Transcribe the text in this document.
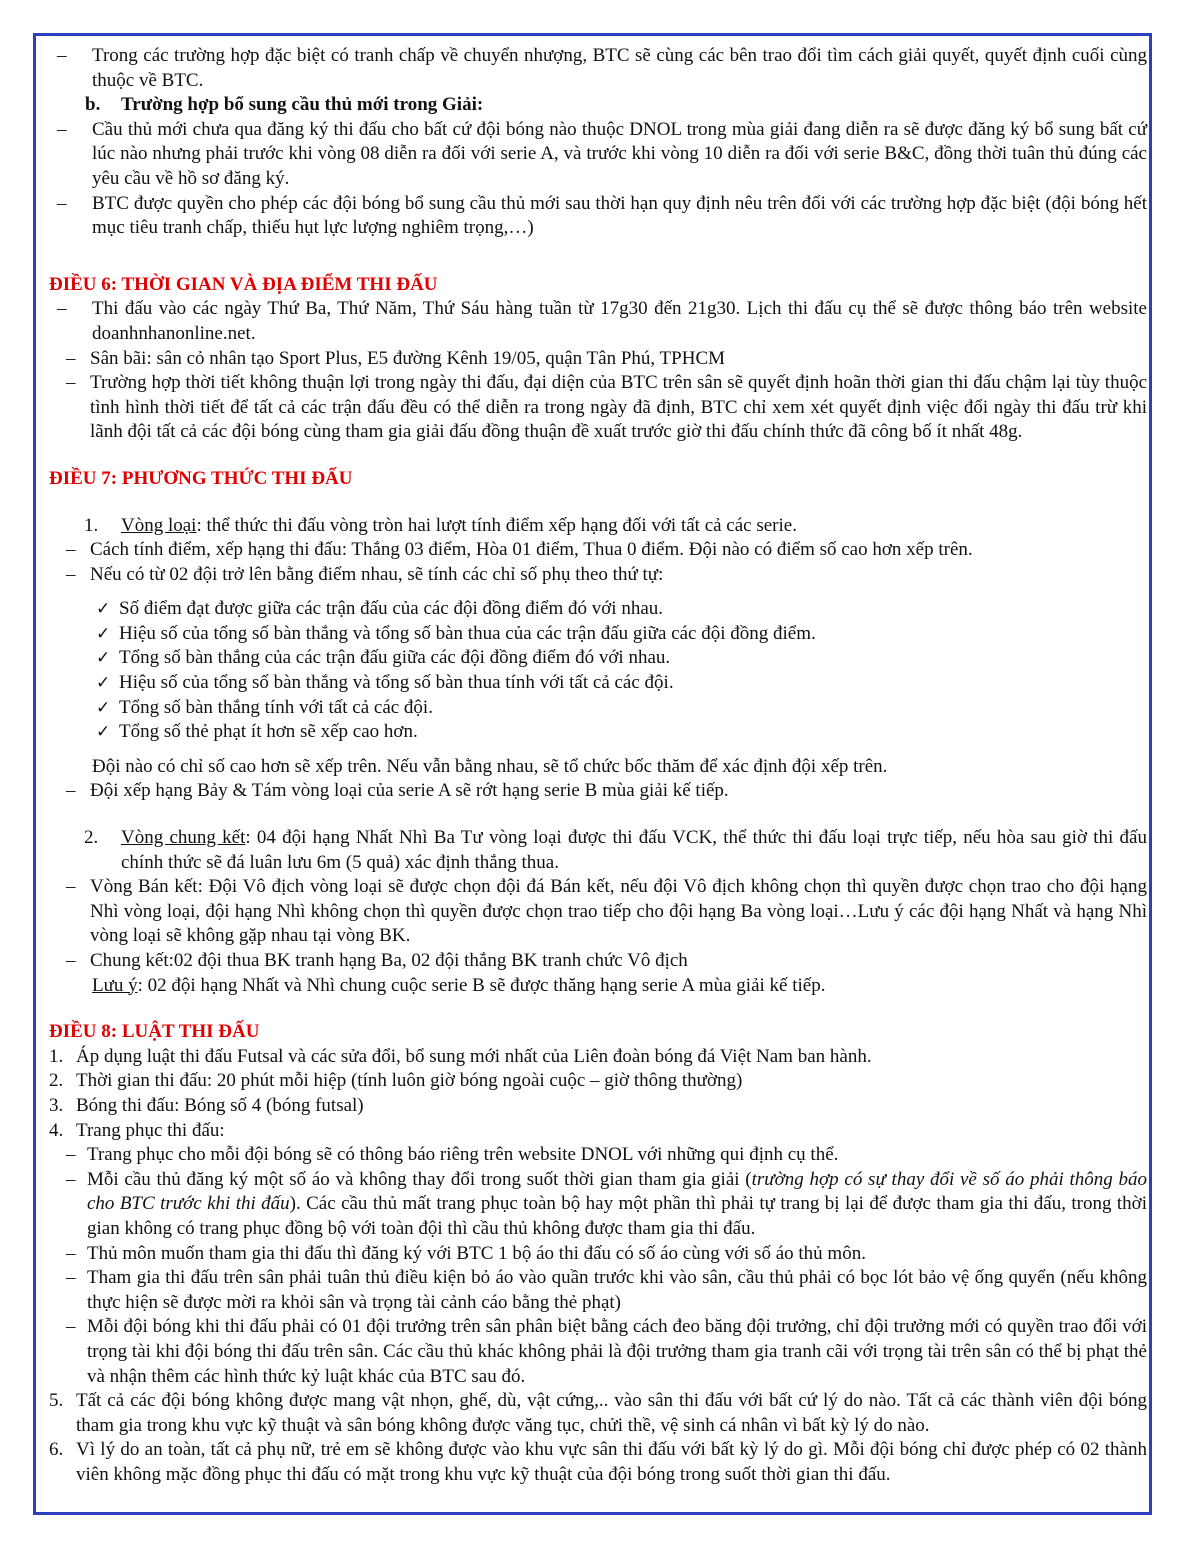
– Trong các trường hợp đặc biệt có tranh chấp về chuyển nhượng, BTC sẽ cùng các bên trao đổi tìm cách giải quyết, quyết định cuối cùng thuộc về BTC.
b. Trường hợp bổ sung cầu thủ mới trong Giải:
– Cầu thủ mới chưa qua đăng ký thi đấu cho bất cứ đội bóng nào thuộc DNOL trong mùa giải đang diễn ra sẽ được đăng ký bổ sung bất cứ lúc nào nhưng phải trước khi vòng 08 diễn ra đối với serie A, và trước khi vòng 10 diễn ra đối với serie B&C, đồng thời tuân thủ đúng các yêu cầu về hồ sơ đăng ký.
– BTC được quyền cho phép các đội bóng bổ sung cầu thủ mới sau thời hạn quy định nêu trên đối với các trường hợp đặc biệt (đội bóng hết mục tiêu tranh chấp, thiếu hụt lực lượng nghiêm trọng,…)
ĐIỀU 6: THỜI GIAN VÀ ĐỊA ĐIỂM THI ĐẤU
– Thi đấu vào các ngày Thứ Ba, Thứ Năm, Thứ Sáu hàng tuần từ 17g30 đến 21g30. Lịch thi đấu cụ thể sẽ được thông báo trên website doanhnhanonline.net.
– Sân bãi: sân cỏ nhân tạo Sport Plus, E5 đường Kênh 19/05, quận Tân Phú, TPHCM
– Trường hợp thời tiết không thuận lợi trong ngày thi đấu, đại diện của BTC trên sân sẽ quyết định hoãn thời gian thi đấu chậm lại tùy thuộc tình hình thời tiết để tất cả các trận đấu đều có thể diễn ra trong ngày đã định, BTC chỉ xem xét quyết định việc đổi ngày thi đấu trừ khi lãnh đội tất cả các đội bóng cùng tham gia giải đấu đồng thuận đề xuất trước giờ thi đấu chính thức đã công bố ít nhất 48g.
ĐIỀU 7: PHƯƠNG THỨC THI ĐẤU
1. Vòng loại: thể thức thi đấu vòng tròn hai lượt tính điểm xếp hạng đối với tất cả các serie.
– Cách tính điểm, xếp hạng thi đấu: Thắng 03 điểm, Hòa 01 điểm, Thua 0 điểm. Đội nào có điểm số cao hơn xếp trên.
– Nếu có từ 02 đội trở lên bằng điểm nhau, sẽ tính các chỉ số phụ theo thứ tự:
✓ Số điểm đạt được giữa các trận đấu của các đội đồng điểm đó với nhau.
✓ Hiệu số của tổng số bàn thắng và tổng số bàn thua của các trận đấu giữa các đội đồng điểm.
✓ Tổng số bàn thắng của các trận đấu giữa các đội đồng điểm đó với nhau.
✓ Hiệu số của tổng số bàn thắng và tổng số bàn thua tính với tất cả các đội.
✓ Tổng số bàn thắng tính với tất cả các đội.
✓ Tổng số thẻ phạt ít hơn sẽ xếp cao hơn.
Đội nào có chỉ số cao hơn sẽ xếp trên. Nếu vẫn bằng nhau, sẽ tổ chức bốc thăm để xác định đội xếp trên.
– Đội xếp hạng Bảy & Tám vòng loại của serie A sẽ rớt hạng serie B mùa giải kế tiếp.
2. Vòng chung kết: 04 đội hạng Nhất Nhì Ba Tư vòng loại được thi đấu VCK, thể thức thi đấu loại trực tiếp, nếu hòa sau giờ thi đấu chính thức sẽ đá luân lưu 6m (5 quả) xác định thắng thua.
– Vòng Bán kết: Đội Vô địch vòng loại sẽ được chọn đội đá Bán kết, nếu đội Vô địch không chọn thì quyền được chọn trao cho đội hạng Nhì vòng loại, đội hạng Nhì không chọn thì quyền được chọn trao tiếp cho đội hạng Ba vòng loại…Lưu ý các đội hạng Nhất và hạng Nhì vòng loại sẽ không gặp nhau tại vòng BK.
– Chung kết:02 đội thua BK tranh hạng Ba, 02 đội thắng BK tranh chức Vô địch
Lưu ý: 02 đội hạng Nhất và Nhì chung cuộc serie B sẽ được thăng hạng serie A mùa giải kế tiếp.
ĐIỀU 8: LUẬT THI ĐẤU
1. Áp dụng luật thi đấu Futsal và các sửa đổi, bổ sung mới nhất của Liên đoàn bóng đá Việt Nam ban hành.
2. Thời gian thi đấu: 20 phút mỗi hiệp (tính luôn giờ bóng ngoài cuộc – giờ thông thường)
3. Bóng thi đấu: Bóng số 4 (bóng futsal)
4. Trang phục thi đấu:
– Trang phục cho mỗi đội bóng sẽ có thông báo riêng trên website DNOL với những qui định cụ thể.
– Mỗi cầu thủ đăng ký một số áo và không thay đổi trong suốt thời gian tham gia giải (trường hợp có sự thay đổi về số áo phải thông báo cho BTC trước khi thi đấu). Các cầu thủ mất trang phục toàn bộ hay một phần thì phải tự trang bị lại để được tham gia thi đấu, trong thời gian không có trang phục đồng bộ với toàn đội thì cầu thủ không được tham gia thi đấu.
– Thủ môn muốn tham gia thi đấu thì đăng ký với BTC 1 bộ áo thi đấu có số áo cùng với số áo thủ môn.
– Tham gia thi đấu trên sân phải tuân thủ điều kiện bỏ áo vào quần trước khi vào sân, cầu thủ phải có bọc lót bảo vệ ống quyển (nếu không thực hiện sẽ được mời ra khỏi sân và trọng tài cảnh cáo bằng thẻ phạt)
– Mỗi đội bóng khi thi đấu phải có 01 đội trưởng trên sân phân biệt bằng cách đeo băng đội trưởng, chỉ đội trưởng mới có quyền trao đổi với trọng tài khi đội bóng thi đấu trên sân. Các cầu thủ khác không phải là đội trưởng tham gia tranh cãi với trọng tài trên sân có thể bị phạt thẻ và nhận thêm các hình thức kỷ luật khác của BTC sau đó.
5. Tất cả các đội bóng không được mang vật nhọn, ghế, dù, vật cứng,.. vào sân thi đấu với bất cứ lý do nào. Tất cả các thành viên đội bóng tham gia trong khu vực kỹ thuật và sân bóng không được văng tục, chửi thề, vệ sinh cá nhân vì bất kỳ lý do nào.
6. Vì lý do an toàn, tất cả phụ nữ, trẻ em sẽ không được vào khu vực sân thi đấu với bất kỳ lý do gì. Mỗi đội bóng chỉ được phép có 02 thành viên không mặc đồng phục thi đấu có mặt trong khu vực kỹ thuật của đội bóng trong suốt thời gian thi đấu.
